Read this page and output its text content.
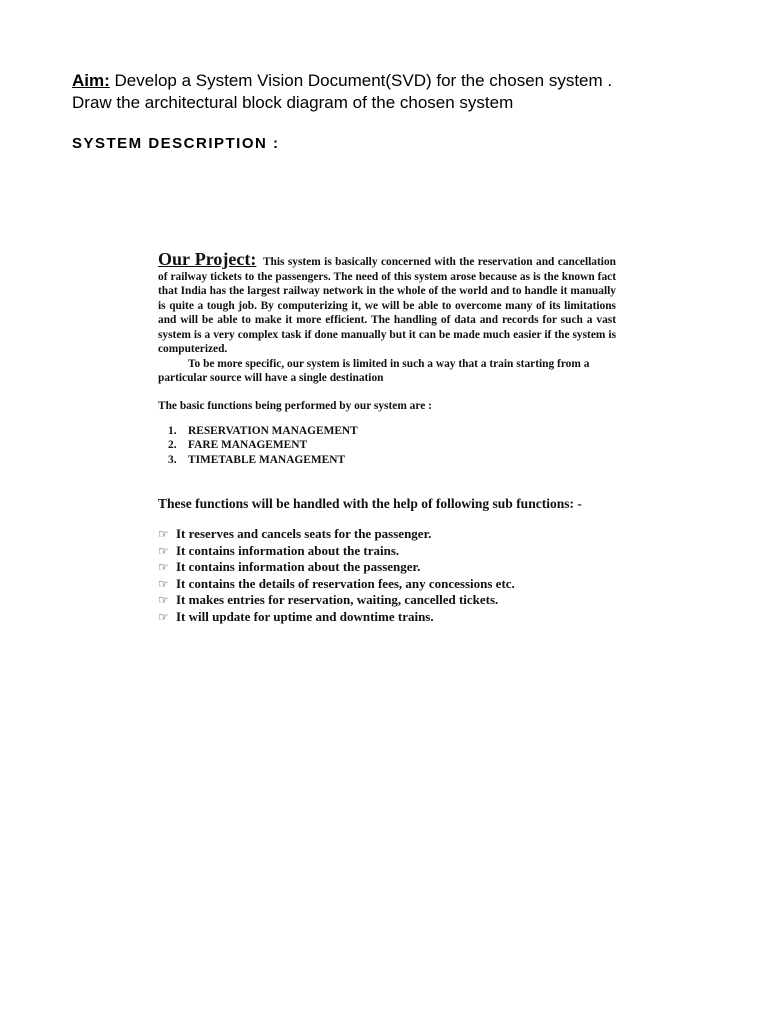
Aim: Develop a System Vision Document(SVD) for the chosen system .
Draw the architectural block diagram of the chosen system
SYSTEM DESCRIPTION :

Our Project: This system is basically concerned with the reservation and cancellation of railway tickets to the passengers. The need of this system arose because as is the known fact that India has the largest railway network in the whole of the world and to handle it manually is quite a tough job. By computerizing it, we will be able to overcome many of its limitations and will be able to make it more efficient. The handling of data and records for such a vast system is a very complex task if done manually but it can be made much easier if the system is computerized.

To be more specific, our system is limited in such a way that a train starting from a particular source will have a single destination

The basic functions being performed by our system are :
1. RESERVATION MANAGEMENT
2. FARE MANAGEMENT
3. TIMETABLE MANAGEMENT
These functions will be handled with the help of following sub functions: -
☞ It reserves and cancels seats for the passenger.
☞ It contains information about the trains.
☞ It contains information about the passenger.
☞ It contains the details of reservation fees, any concessions etc.
☞ It makes entries for reservation, waiting, cancelled tickets.
☞ It will update for uptime and downtime trains.
